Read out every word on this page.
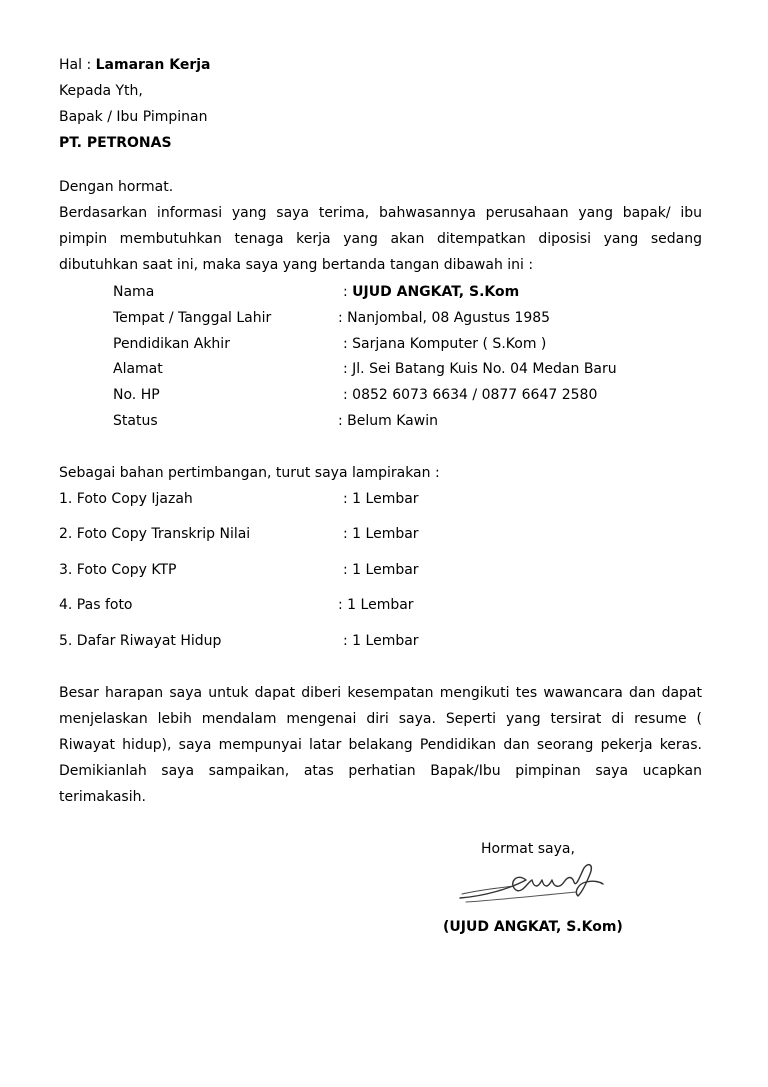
Hal : Lamaran Kerja
Kepada Yth,
Bapak / Ibu Pimpinan
PT. PETRONAS
Dengan hormat.
Berdasarkan informasi yang saya terima, bahwasannya perusahaan yang bapak/ ibu
pimpin membutuhkan tenaga kerja yang akan ditempatkan diposisi yang sedang
dibutuhkan saat ini, maka saya yang bertanda tangan dibawah ini :
Nama	: UJUD ANGKAT, S.Kom
Tempat / Tanggal Lahir	: Nanjombal, 08 Agustus 1985
Pendidikan Akhir	: Sarjana Komputer ( S.Kom )
Alamat	: Jl. Sei Batang Kuis No. 04 Medan Baru
No. HP	: 0852 6073 6634 / 0877 6647 2580
Status	: Belum Kawin
Sebagai bahan pertimbangan, turut saya lampirakan :
1. Foto Copy Ijazah	: 1 Lembar
2. Foto Copy Transkrip Nilai	: 1 Lembar
3. Foto Copy KTP	: 1 Lembar
4. Pas foto	: 1 Lembar
5. Dafar Riwayat Hidup	: 1 Lembar
Besar harapan saya untuk dapat diberi kesempatan mengikuti tes wawancara dan dapat
menjelaskan lebih mendalam mengenai diri saya. Seperti yang tersirat di resume (
Riwayat hidup), saya mempunyai latar belakang Pendidikan dan seorang pekerja keras.
Demikianlah saya sampaikan, atas perhatian Bapak/Ibu pimpinan saya ucapkan
terimakasih.
Hormat saya,
(UJUD ANGKAT, S.Kom)
